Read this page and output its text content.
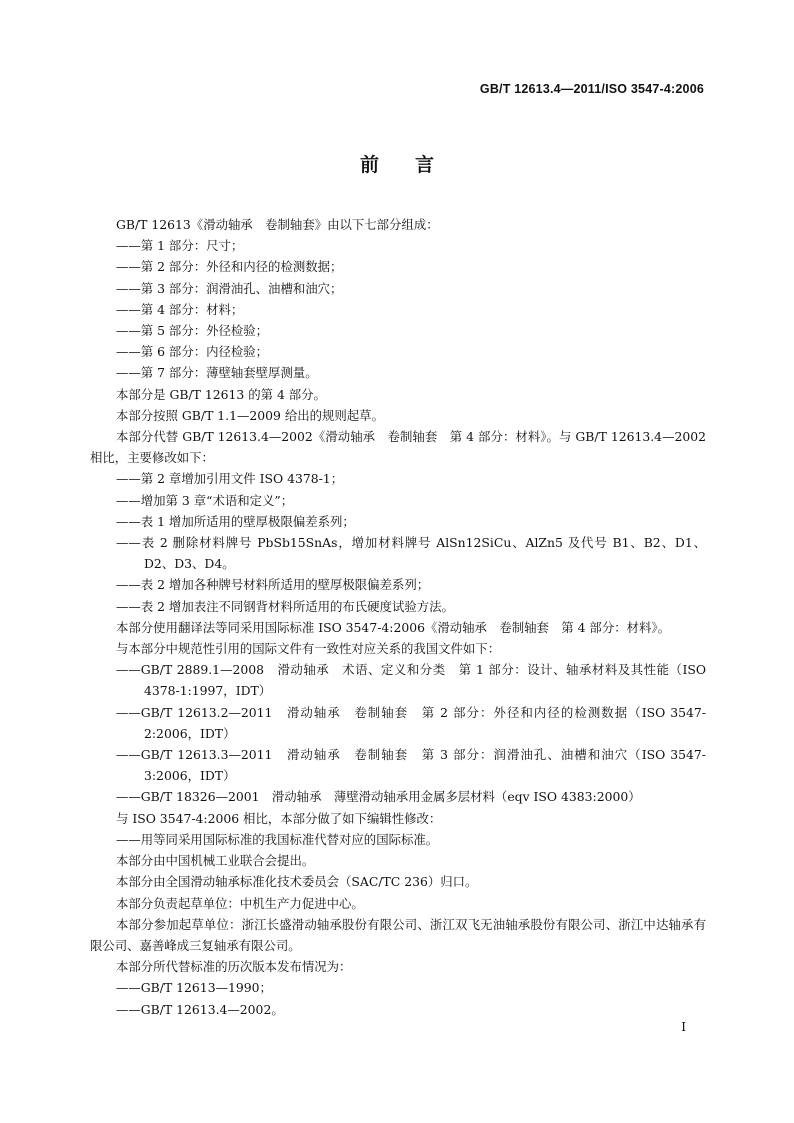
GB/T 12613.4—2011/ISO 3547-4:2006
前言
GB/T 12613《滑动轴承　卷制轴套》由以下七部分组成：
——第 1 部分：尺寸；
——第 2 部分：外径和内径的检测数据；
——第 3 部分：润滑油孔、油槽和油穴；
——第 4 部分：材料；
——第 5 部分：外径检验；
——第 6 部分：内径检验；
——第 7 部分：薄壁轴套壁厚测量。
本部分是 GB/T 12613 的第 4 部分。
本部分按照 GB/T 1.1—2009 给出的规则起草。
本部分代替 GB/T 12613.4—2002《滑动轴承　卷制轴套　第 4 部分：材料》。与 GB/T 12613.4—2002 相比，主要修改如下：
——第 2 章增加引用文件 ISO 4378-1；
——增加第 3 章“术语和定义”；
——表 1 增加所适用的壁厚极限偏差系列；
——表 2 删除材料牌号 PbSb15SnAs，增加材料牌号 AlSn12SiCu、AlZn5 及代号 B1、B2、D1、D2、D3、D4。
——表 2 增加各种牌号材料所适用的壁厚极限偏差系列；
——表 2 增加表注不同钢背材料所适用的布氏硬度试验方法。
本部分使用翻译法等同采用国际标准 ISO 3547-4:2006《滑动轴承　卷制轴套　第 4 部分：材料》。
与本部分中规范性引用的国际文件有一致性对应关系的我国文件如下：
——GB/T 2889.1—2008　滑动轴承　术语、定义和分类　第 1 部分：设计、轴承材料及其性能（ISO 4378-1:1997，IDT）
——GB/T 12613.2—2011　滑动轴承　卷制轴套　第 2 部分：外径和内径的检测数据（ISO 3547-2:2006，IDT）
——GB/T 12613.3—2011　滑动轴承　卷制轴套　第 3 部分：润滑油孔、油槽和油穴（ISO 3547-3:2006，IDT）
——GB/T 18326—2001　滑动轴承　薄壁滑动轴承用金属多层材料（eqv ISO 4383:2000）
与 ISO 3547-4:2006 相比，本部分做了如下编辑性修改：
——用等同采用国际标准的我国标准代替对应的国际标准。
本部分由中国机械工业联合会提出。
本部分由全国滑动轴承标准化技术委员会（SAC/TC 236）归口。
本部分负责起草单位：中机生产力促进中心。
本部分参加起草单位：浙江长盛滑动轴承股份有限公司、浙江双飞无油轴承股份有限公司、浙江中达轴承有限公司、嘉善峰成三复轴承有限公司。
本部分所代替标准的历次版本发布情况为：
——GB/T 12613—1990；
——GB/T 12613.4—2002。
I
